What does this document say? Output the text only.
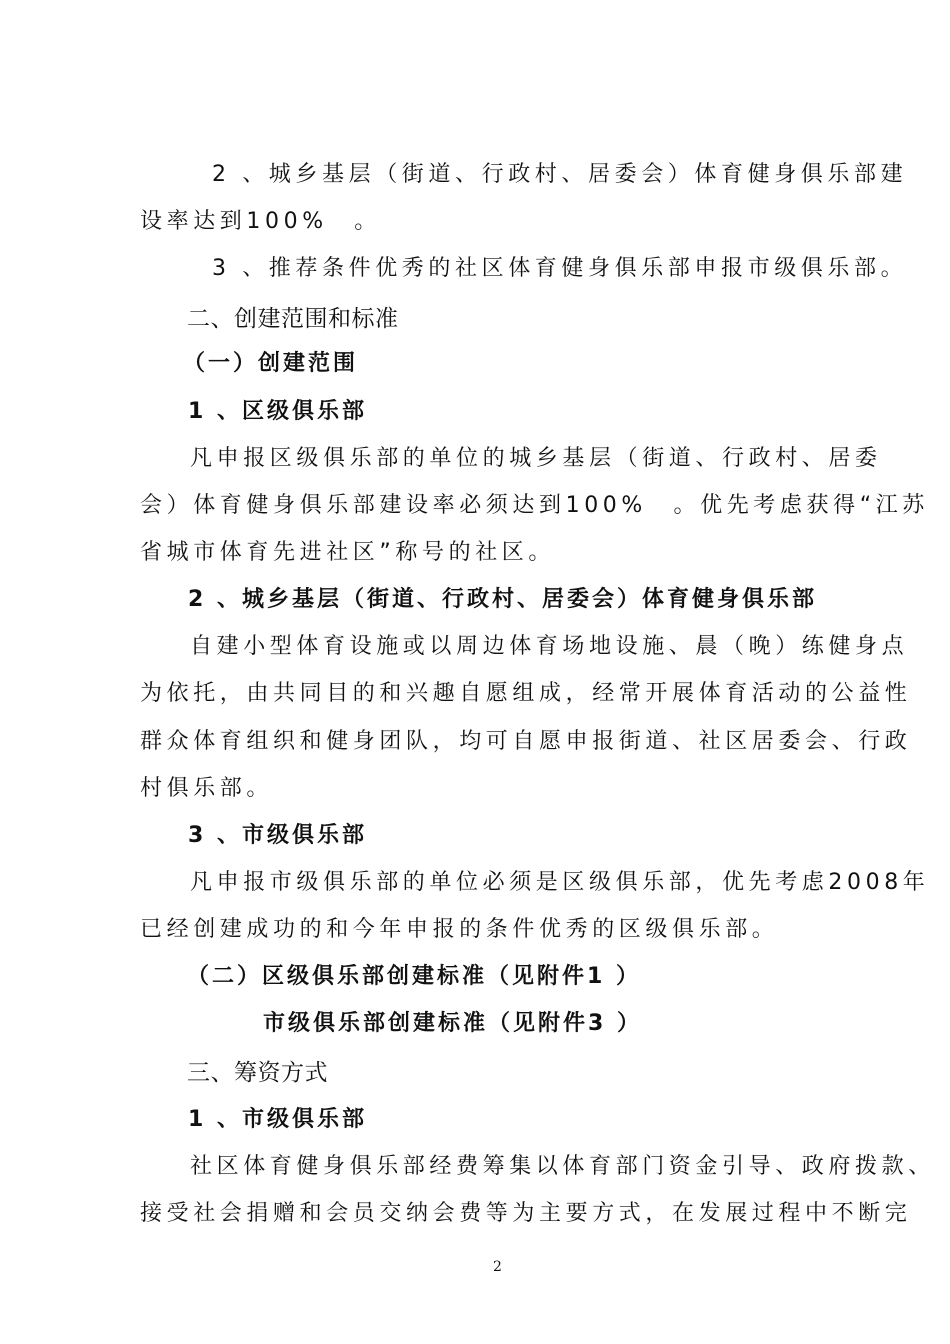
2 、城乡基层（街道、行政村、居委会）体育健身俱乐部建
设率达到100%　。
3 、推荐条件优秀的社区体育健身俱乐部申报市级俱乐部。
二、创建范围和标准
（一）创建范围
1 、区级俱乐部
凡申报区级俱乐部的单位的城乡基层（街道、行政村、居委
会）体育健身俱乐部建设率必须达到100%　。优先考虑获得“江苏
省城市体育先进社区”称号的社区。
2 、城乡基层（街道、行政村、居委会）体育健身俱乐部
自建小型体育设施或以周边体育场地设施、晨（晚）练健身点
为依托，由共同目的和兴趣自愿组成，经常开展体育活动的公益性
群众体育组织和健身团队，均可自愿申报街道、社区居委会、行政
村俱乐部。
3 、市级俱乐部
凡申报市级俱乐部的单位必须是区级俱乐部，优先考虑2008年
已经创建成功的和今年申报的条件优秀的区级俱乐部。
（二）区级俱乐部创建标准（见附件1 ）
市级俱乐部创建标准（见附件3 ）
三、筹资方式
1 、市级俱乐部
社区体育健身俱乐部经费筹集以体育部门资金引导、政府拨款、
接受社会捐赠和会员交纳会费等为主要方式，在发展过程中不断完
2
